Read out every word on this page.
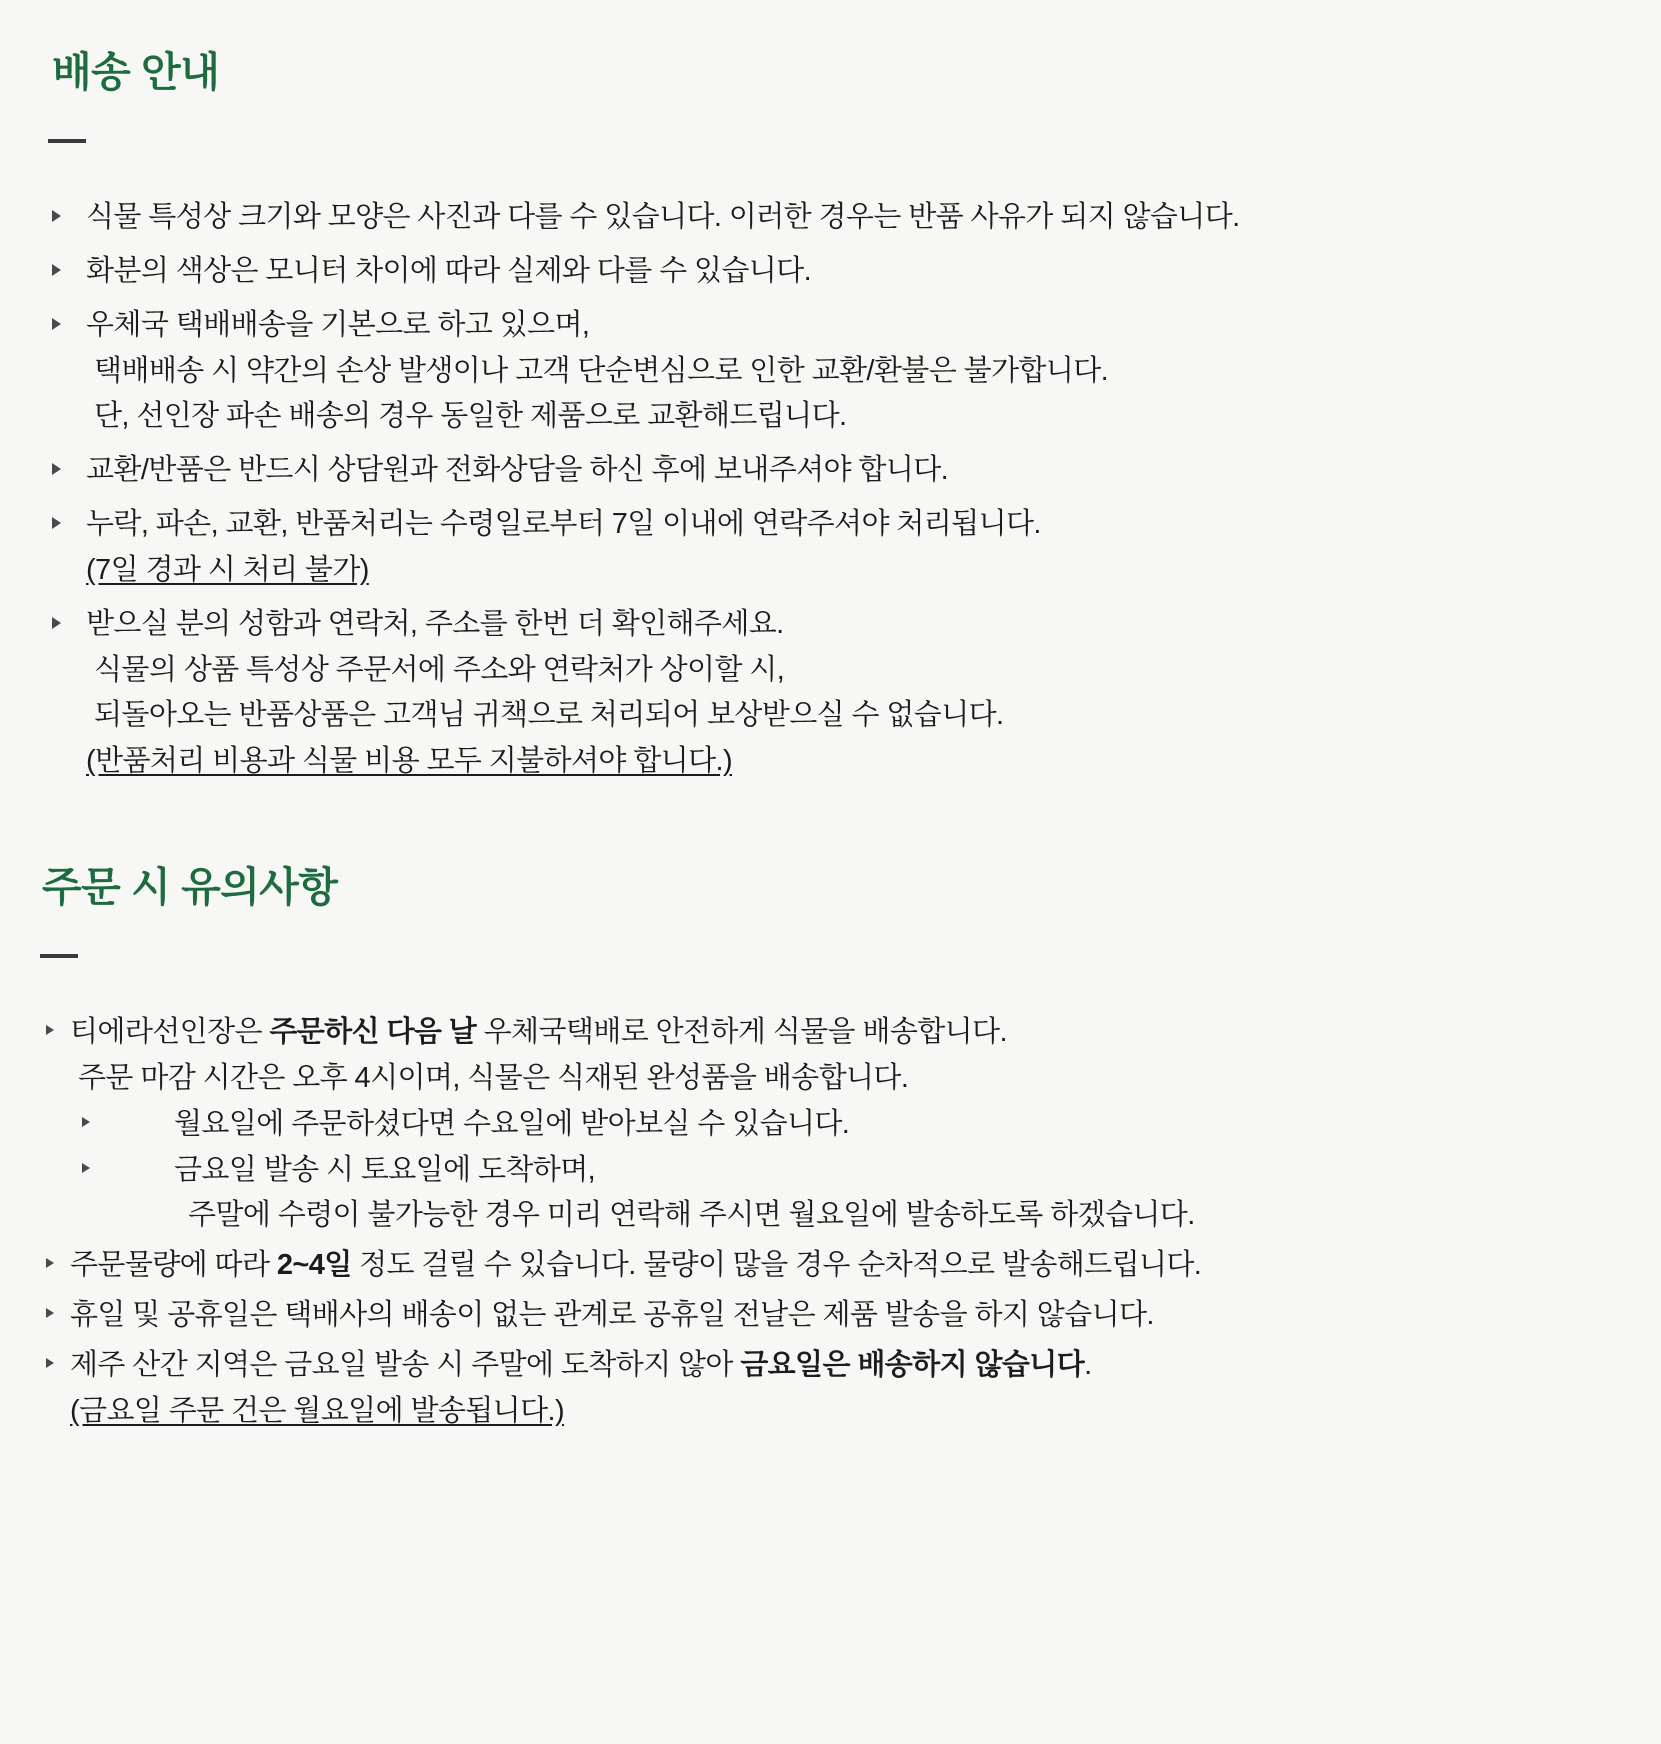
배송 안내
식물 특성상 크기와 모양은 사진과 다를 수 있습니다. 이러한 경우는 반품 사유가 되지 않습니다.
화분의 색상은 모니터 차이에 따라 실제와 다를 수 있습니다.
우체국 택배배송을 기본으로 하고 있으며,
택배배송 시 약간의 손상 발생이나 고객 단순변심으로 인한 교환/환불은 불가합니다.
단, 선인장 파손 배송의 경우 동일한 제품으로 교환해드립니다.
교환/반품은 반드시 상담원과 전화상담을 하신 후에 보내주셔야 합니다.
누락, 파손, 교환, 반품처리는 수령일로부터 7일 이내에 연락주셔야 처리됩니다.
(7일 경과 시 처리 불가)
받으실 분의 성함과 연락처, 주소를 한번 더 확인해주세요.
식물의 상품 특성상 주문서에 주소와 연락처가 상이할 시,
되돌아오는 반품상품은 고객님 귀책으로 처리되어 보상받으실 수 없습니다.
(반품처리 비용과 식물 비용 모두 지불하셔야 합니다.)
주문 시 유의사항
티에라선인장은 주문하신 다음 날 우체국택배로 안전하게 식물을 배송합니다.
주문 마감 시간은 오후 4시이며, 식물은 식재된 완성품을 배송합니다.
월요일에 주문하셨다면 수요일에 받아보실 수 있습니다.
금요일 발송 시 토요일에 도착하며,
주말에 수령이 불가능한 경우 미리 연락해 주시면 월요일에 발송하도록 하겠습니다.
주문물량에 따라 2~4일 정도 걸릴 수 있습니다. 물량이 많을 경우 순차적으로 발송해드립니다.
휴일 및 공휴일은 택배사의 배송이 없는 관계로 공휴일 전날은 제품 발송을 하지 않습니다.
제주 산간 지역은 금요일 발송 시 주말에 도착하지 않아 금요일은 배송하지 않습니다.
(금요일 주문 건은 월요일에 발송됩니다.)
